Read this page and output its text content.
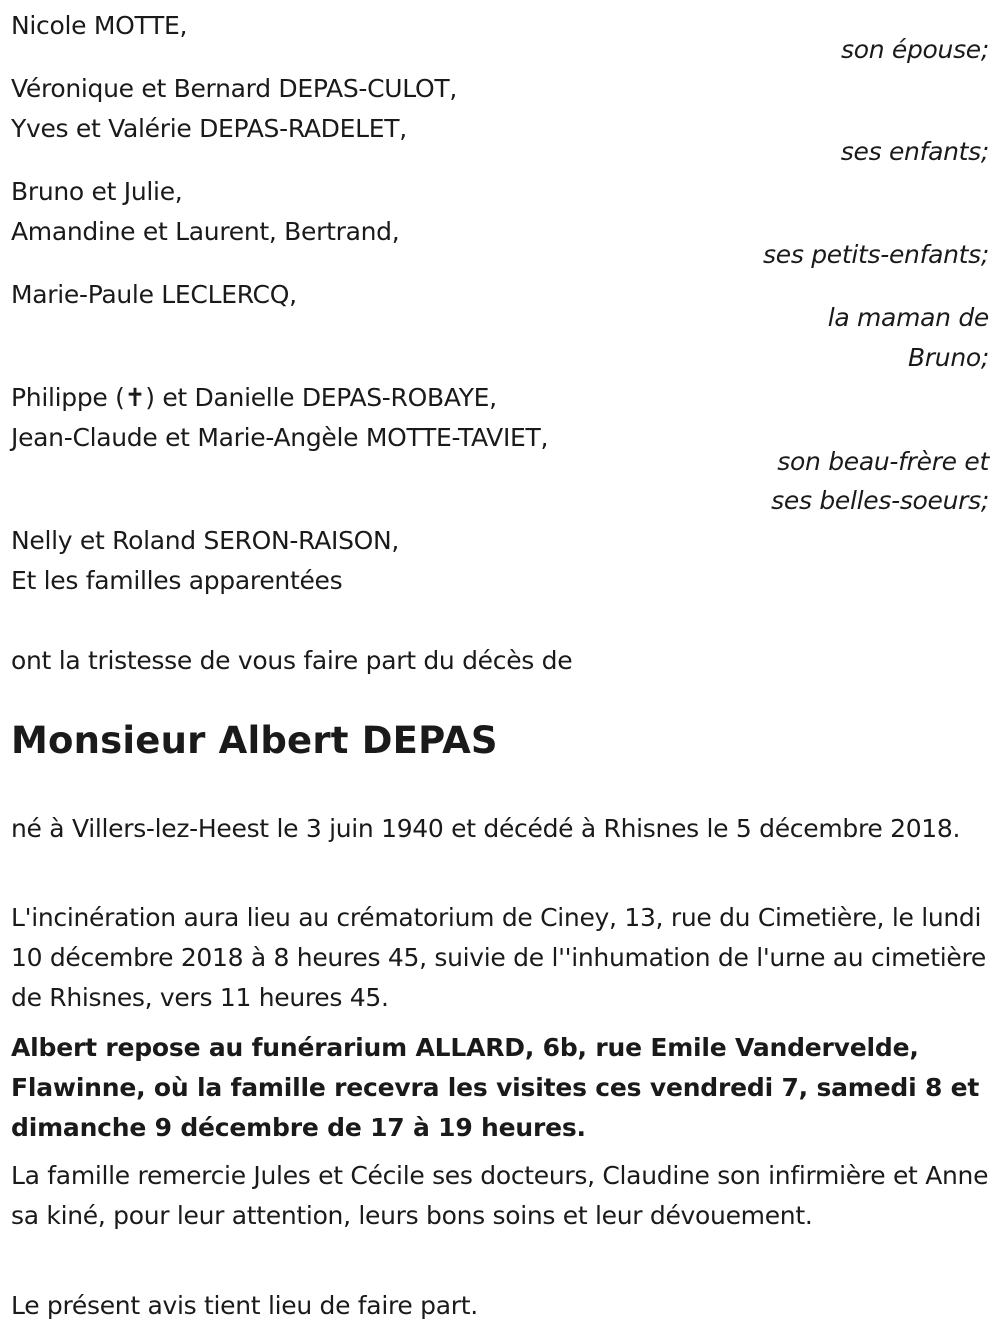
Nicole MOTTE,
son épouse;
Véronique et Bernard DEPAS-CULOT,
Yves et Valérie DEPAS-RADELET,
ses enfants;
Bruno et Julie,
Amandine et Laurent, Bertrand,
ses petits-enfants;
Marie-Paule LECLERCQ,
la maman de
Bruno;
Philippe (✝) et Danielle DEPAS-ROBAYE,
Jean-Claude et Marie-Angèle MOTTE-TAVIET,
son beau-frère et
ses belles-soeurs;
Nelly et Roland SERON-RAISON,
Et les familles apparentées
ont la tristesse de vous faire part du décès de
Monsieur Albert DEPAS
né à Villers-lez-Heest le 3 juin 1940 et décédé à Rhisnes le 5 décembre 2018.
L'incinération aura lieu au crématorium de Ciney, 13, rue du Cimetière, le lundi 10 décembre 2018 à 8 heures 45, suivie de l''inhumation de l'urne au cimetière de Rhisnes, vers 11 heures 45.
Albert repose au funérarium ALLARD, 6b, rue Emile Vandervelde, Flawinne, où la famille recevra les visites ces vendredi 7, samedi 8 et dimanche 9 décembre de 17 à 19 heures.
La famille remercie Jules et Cécile ses docteurs, Claudine son infirmière et Anne sa kiné, pour leur attention, leurs bons soins et leur dévouement.
Le présent avis tient lieu de faire part.
